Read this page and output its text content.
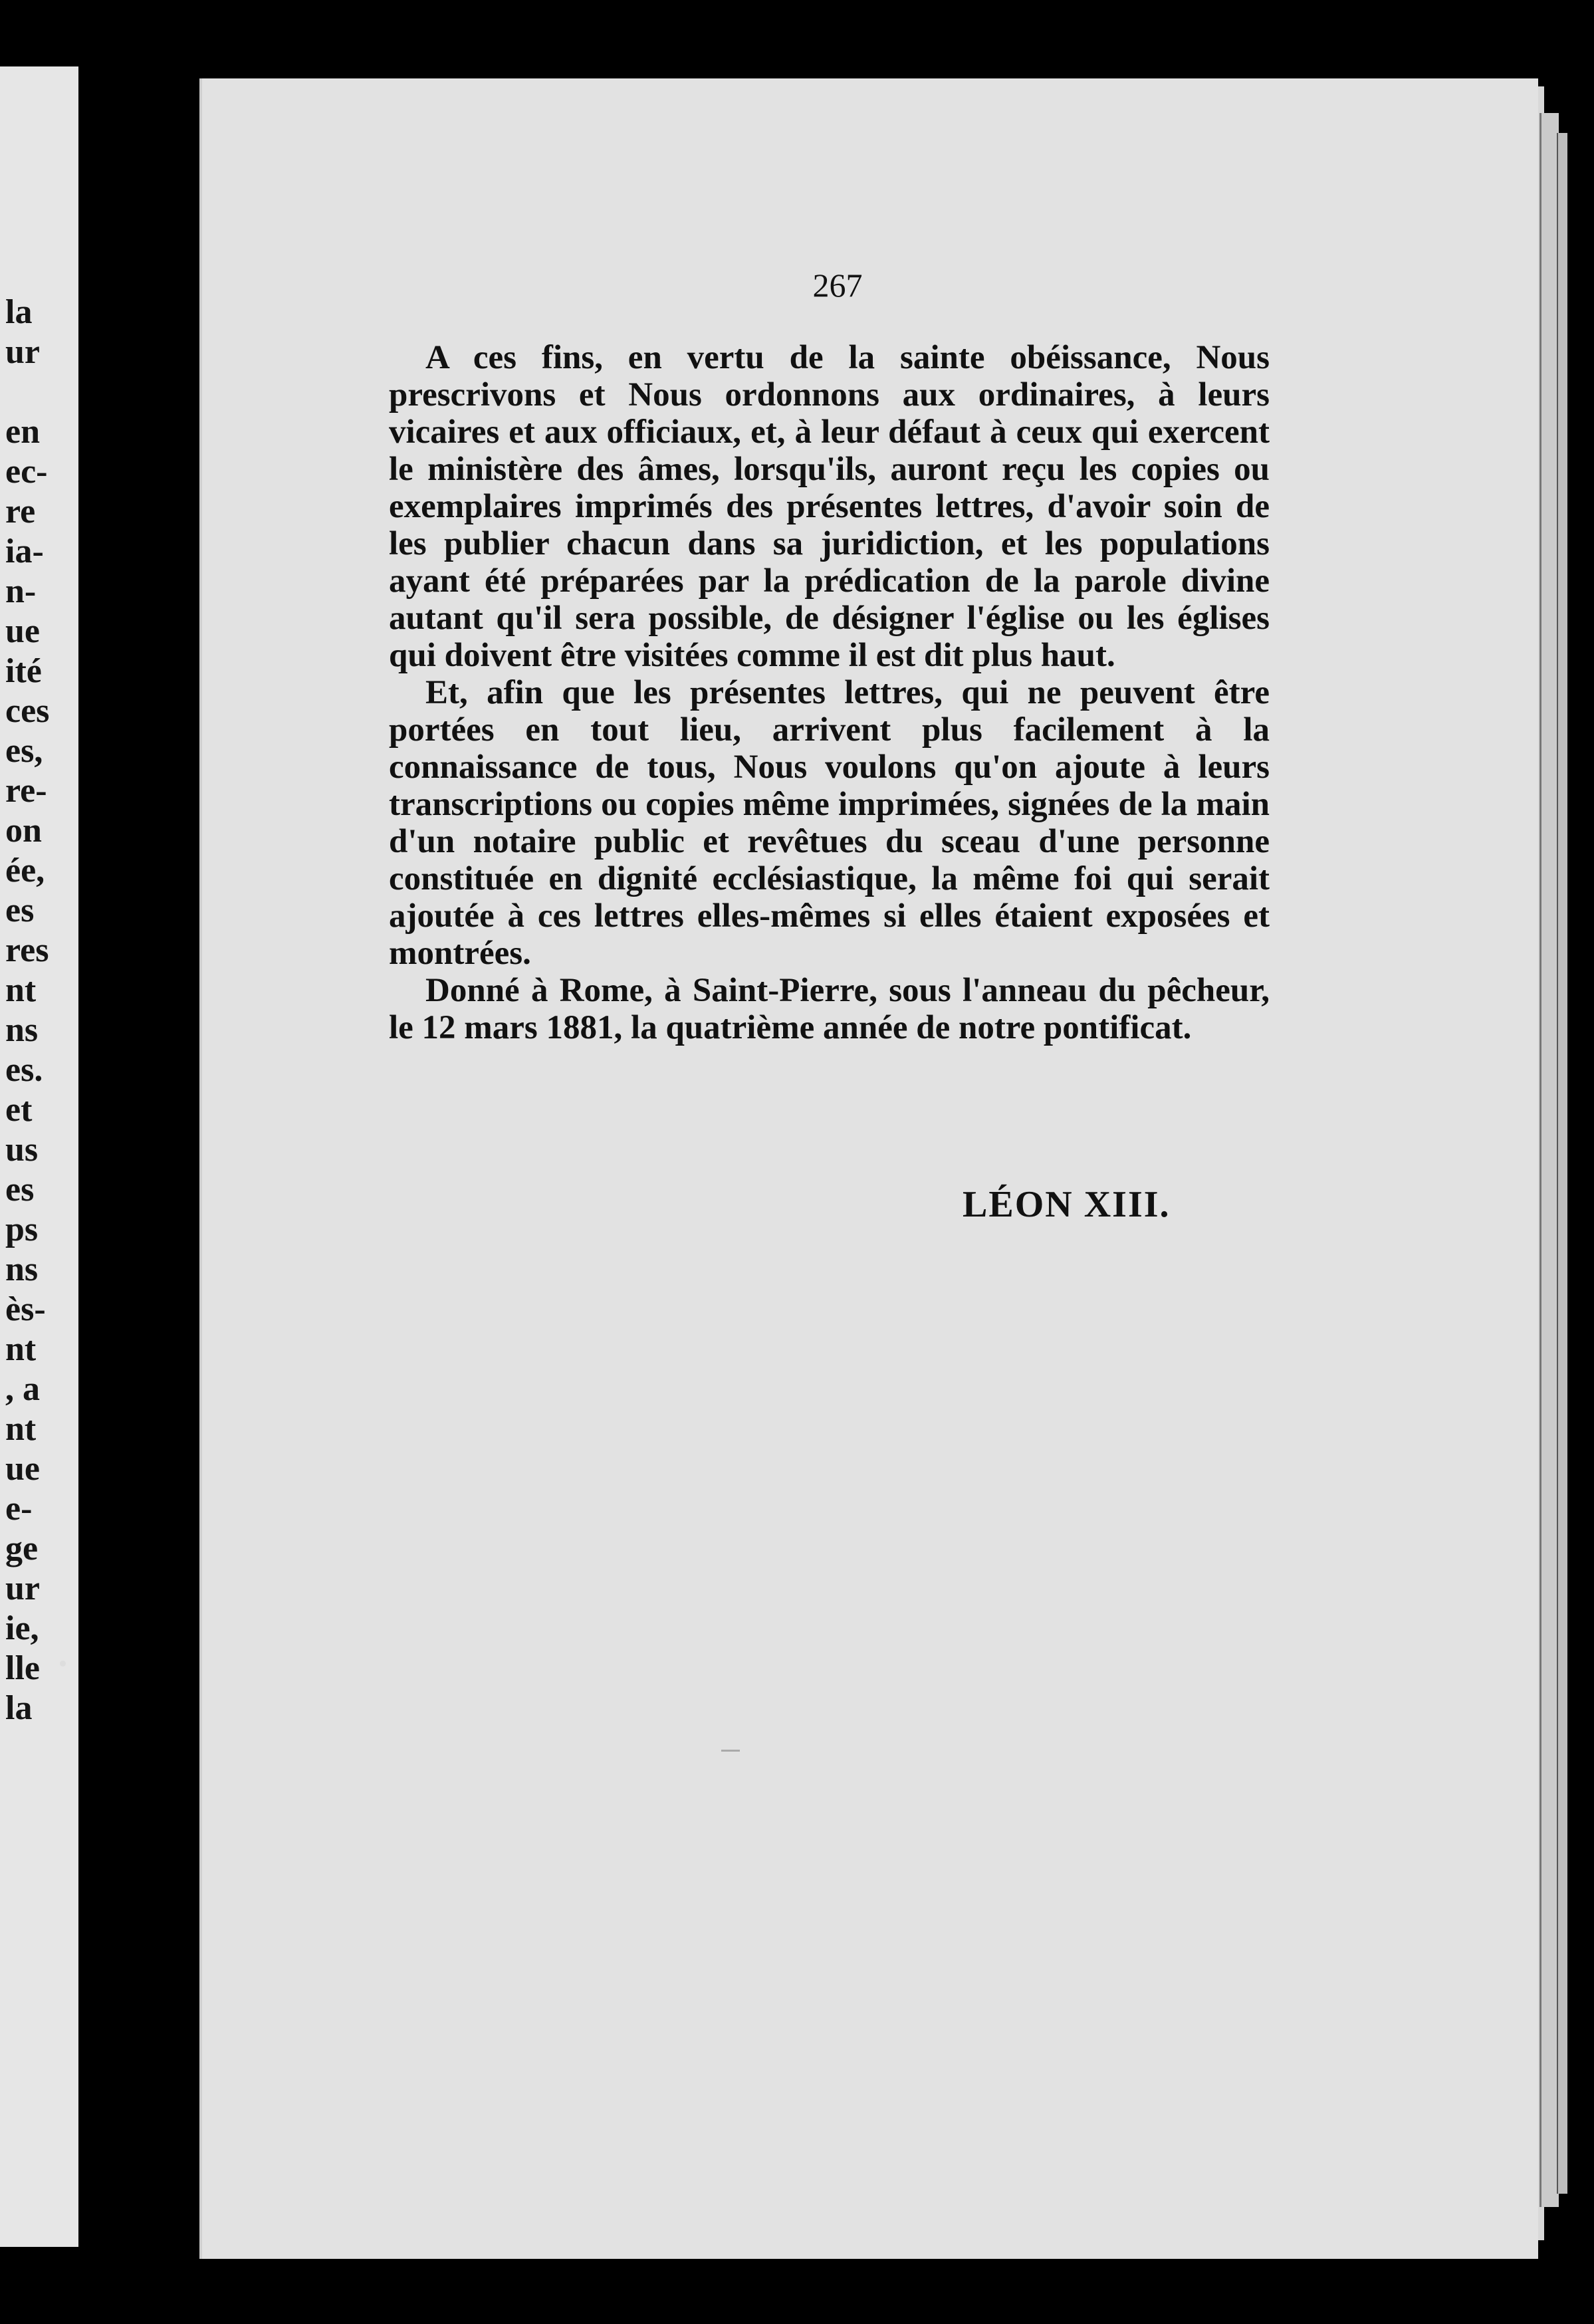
la
ur
en
ec-
re
ia-
n-
ue
ité
ces
es,
re-
on
ée,
es
res
nt
ns
es.
et
us
es
ps
ns
ès-
nt
, a
nt
ue
e-
ge
ur
ie,
lle
la
267

A ces fins, en vertu de la sainte obéissance, Nous prescrivons et Nous ordonnons aux ordinaires, à leurs vicaires et aux officiaux, et, à leur défaut à ceux qui exercent le ministère des âmes, lorsqu'ils, auront reçu les copies ou exemplaires imprimés des présentes lettres, d'avoir soin de les publier chacun dans sa juridiction, et les populations ayant été préparées par la prédication de la parole divine autant qu'il sera possible, de désigner l'église ou les églises qui doivent être visitées comme il est dit plus haut.

Et, afin que les présentes lettres, qui ne peuvent être portées en tout lieu, arrivent plus facilement à la connaissance de tous, Nous voulons qu'on ajoute à leurs transcriptions ou copies même imprimées, signées de la main d'un notaire public et revêtues du sceau d'une personne constituée en dignité ecclésiastique, la même foi qui serait ajoutée à ces lettres elles-mêmes si elles étaient exposées et montrées.

Donné à Rome, à Saint-Pierre, sous l'anneau du pêcheur, le 12 mars 1881, la quatrième année de notre pontificat.

LÉON XIII.
